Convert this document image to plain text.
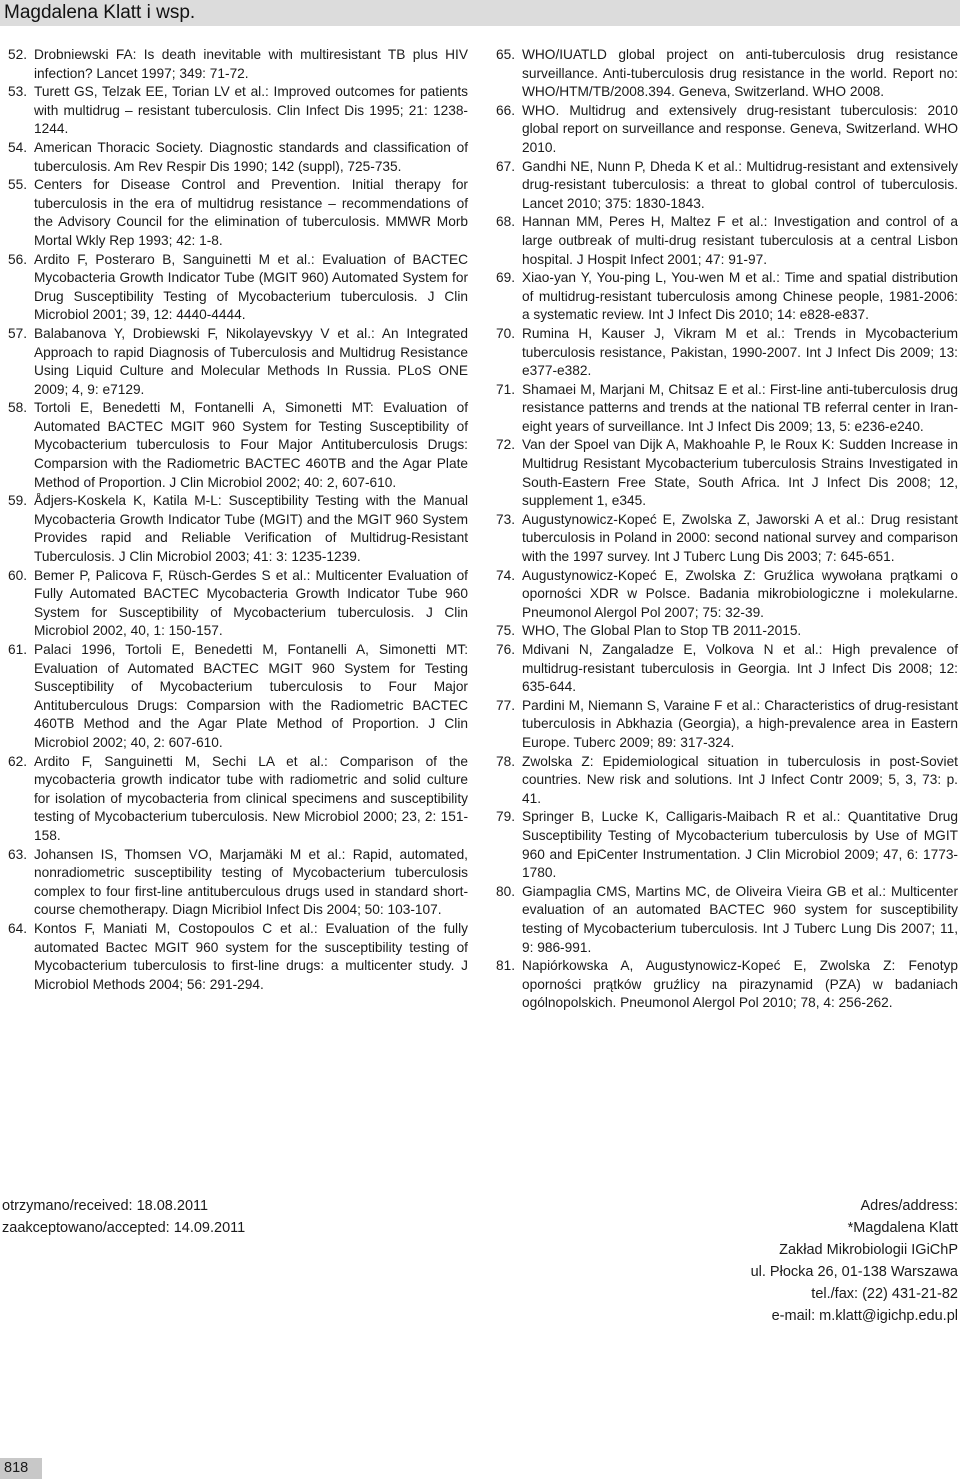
Magdalena Klatt i wsp.

52. Drobniewski FA: Is death inevitable with multiresistant TB plus HIV infection? Lancet 1997; 349: 71-72.

53. Turett GS, Telzak EE, Torian LV et al.: Improved outcomes for patients with multidrug – resistant tuberculosis. Clin Infect Dis 1995; 21: 1238-1244.

54. American Thoracic Society. Diagnostic standards and classification of tuberculosis. Am Rev Respir Dis 1990; 142 (suppl), 725-735.

55. Centers for Disease Control and Prevention. Initial therapy for tuberculosis in the era of multidrug resistance – recommendations of the Advisory Council for the elimination of tuberculosis. MMWR Morb Mortal Wkly Rep 1993; 42: 1-8.

56. Ardito F, Posteraro B, Sanguinetti M et al.: Evaluation of BACTEC Mycobacteria Growth Indicator Tube (MGIT 960) Automated System for Drug Susceptibility Testing of Mycobacterium tuberculosis. J Clin Microbiol 2001; 39, 12: 4440-4444.

57. Balabanova Y, Drobiewski F, Nikolayevskyy V et al.: An Integrated Approach to rapid Diagnosis of Tuberculosis and Multidrug Resistance Using Liquid Culture and Molecular Methods In Russia. PLoS ONE 2009; 4, 9: e7129.

58. Tortoli E, Benedetti M, Fontanelli A, Simonetti MT: Evaluation of Automated BACTEC MGIT 960 System for Testing Susceptibility of Mycobacterium tuberculosis to Four Major Antituberculosis Drugs: Comparsion with the Radiometric BACTEC 460TB and the Agar Plate Method of Proportion. J Clin Microbiol 2002; 40: 2, 607-610.

59. Ådjers-Koskela K, Katila M-L: Susceptibility Testing with the Manual Mycobacteria Growth Indicator Tube (MGIT) and the MGIT 960 System Provides rapid and Reliable Verification of Multidrug-Resistant Tuberculosis. J Clin Microbiol 2003; 41: 3: 1235-1239.

60. Bemer P, Palicova F, Rüsch-Gerdes S et al.: Multicenter Evaluation of Fully Automated BACTEC Mycobacteria Growth Indicator Tube 960 System for Susceptibility of Mycobacterium tuberculosis. J Clin Microbiol 2002, 40, 1: 150-157.

61. Palaci 1996, Tortoli E, Benedetti M, Fontanelli A, Simonetti MT: Evaluation of Automated BACTEC MGIT 960 System for Testing Susceptibility of Mycobacterium tuberculosis to Four Major Antituberculous Drugs: Comparsion with the Radiometric BACTEC 460TB Method and the Agar Plate Method of Proportion. J Clin Microbiol 2002; 40, 2: 607-610.

62. Ardito F, Sanguinetti M, Sechi LA et al.: Comparison of the mycobacteria growth indicator tube with radiometric and solid culture for isolation of mycobacteria from clinical specimens and susceptibility testing of Mycobacterium tuberculosis. New Microbiol 2000; 23, 2: 151-158.

63. Johansen IS, Thomsen VO, Marjamäki M et al.: Rapid, automated, nonradiometric susceptibility testing of Mycobacterium tuberculosis complex to four first-line antituberculous drugs used in standard short-course chemotherapy. Diagn Micribiol Infect Dis 2004; 50: 103-107.

64. Kontos F, Maniati M, Costopoulos C et al.: Evaluation of the fully automated Bactec MGIT 960 system for the susceptibility testing of Mycobacterium tuberculosis to first-line drugs: a multicenter study. J Microbiol Methods 2004; 56: 291-294.

65. WHO/IUATLD global project on anti-tuberculosis drug resistance surveillance. Anti-tuberculosis drug resistance in the world. Report no: WHO/HTM/TB/2008.394. Geneva, Switzerland. WHO 2008.

66. WHO. Multidrug and extensively drug-resistant tuberculosis: 2010 global report on surveillance and response. Geneva, Switzerland. WHO 2010.

67. Gandhi NE, Nunn P, Dheda K et al.: Multidrug-resistant and extensively drug-resistant tuberculosis: a threat to global control of tuberculosis. Lancet 2010; 375: 1830-1843.

68. Hannan MM, Peres H, Maltez F et al.: Investigation and control of a large outbreak of multi-drug resistant tuberculosis at a central Lisbon hospital. J Hospit Infect 2001; 47: 91-97.

69. Xiao-yan Y, You-ping L, You-wen M et al.: Time and spatial distribution of multidrug-resistant tuberculosis among Chinese people, 1981-2006: a systematic review. Int J Infect Dis 2010; 14: e828-e837.

70. Rumina H, Kauser J, Vikram M et al.: Trends in Mycobacterium tuberculosis resistance, Pakistan, 1990-2007. Int J Infect Dis 2009; 13: e377-e382.

71. Shamaei M, Marjani M, Chitsaz E et al.: First-line anti-tuberculosis drug resistance patterns and trends at the national TB referral center in Iran-eight years of surveillance. Int J Infect Dis 2009; 13, 5: e236-e240.

72. Van der Spoel van Dijk A, Makhoahle P, le Roux K: Sudden Increase in Multidrug Resistant Mycobacterium tuberculosis Strains Investigated in South-Eastern Free State, South Africa. Int J Infect Dis 2008; 12, supplement 1, e345.

73. Augustynowicz-Kopeć E, Zwolska Z, Jaworski A et al.: Drug resistant tuberculosis in Poland in 2000: second national survey and comparison with the 1997 survey. Int J Tuberc Lung Dis 2003; 7: 645-651.

74. Augustynowicz-Kopeć E, Zwolska Z: Gruźlica wywołana prątkami o oporności XDR w Polsce. Badania mikrobiologiczne i molekularne. Pneumonol Alergol Pol 2007; 75: 32-39.

75. WHO, The Global Plan to Stop TB 2011-2015.

76. Mdivani N, Zangaladze E, Volkova N et al.: High prevalence of multidrug-resistant tuberculosis in Georgia. Int J Infect Dis 2008; 12: 635-644.

77. Pardini M, Niemann S, Varaine F et al.: Characteristics of drug-resistant tuberculosis in Abkhazia (Georgia), a high-prevalence area in Eastern Europe. Tuberc 2009; 89: 317-324.

78. Zwolska Z: Epidemiological situation in tuberculosis in post-Soviet countries. New risk and solutions. Int J Infect Contr 2009; 5, 3, 73: p. 41.

79. Springer B, Lucke K, Calligaris-Maibach R et al.: Quantitative Drug Susceptibility Testing of Mycobacterium tuberculosis by Use of MGIT 960 and EpiCenter Instrumentation. J Clin Microbiol 2009; 47, 6: 1773-1780.

80. Giampaglia CMS, Martins MC, de Oliveira Vieira GB et al.: Multicenter evaluation of an automated BACTEC 960 system for susceptibility testing of Mycobacterium tuberculosis. Int J Tuberc Lung Dis 2007; 11, 9: 986-991.

81. Napiórkowska A, Augustynowicz-Kopeć E, Zwolska Z: Fenotyp oporności prątków gruźlicy na pirazynamid (PZA) w badaniach ogólnopolskich. Pneumonol Alergol Pol 2010; 78, 4: 256-262.

otrzymano/received: 18.08.2011
zaakceptowano/accepted: 14.09.2011
Adres/address:
*Magdalena Klatt
Zakład Mikrobiologii IGiChP
ul. Płocka 26, 01-138 Warszawa
tel./fax: (22) 431-21-82
e-mail: m.klatt@igichp.edu.pl
818
